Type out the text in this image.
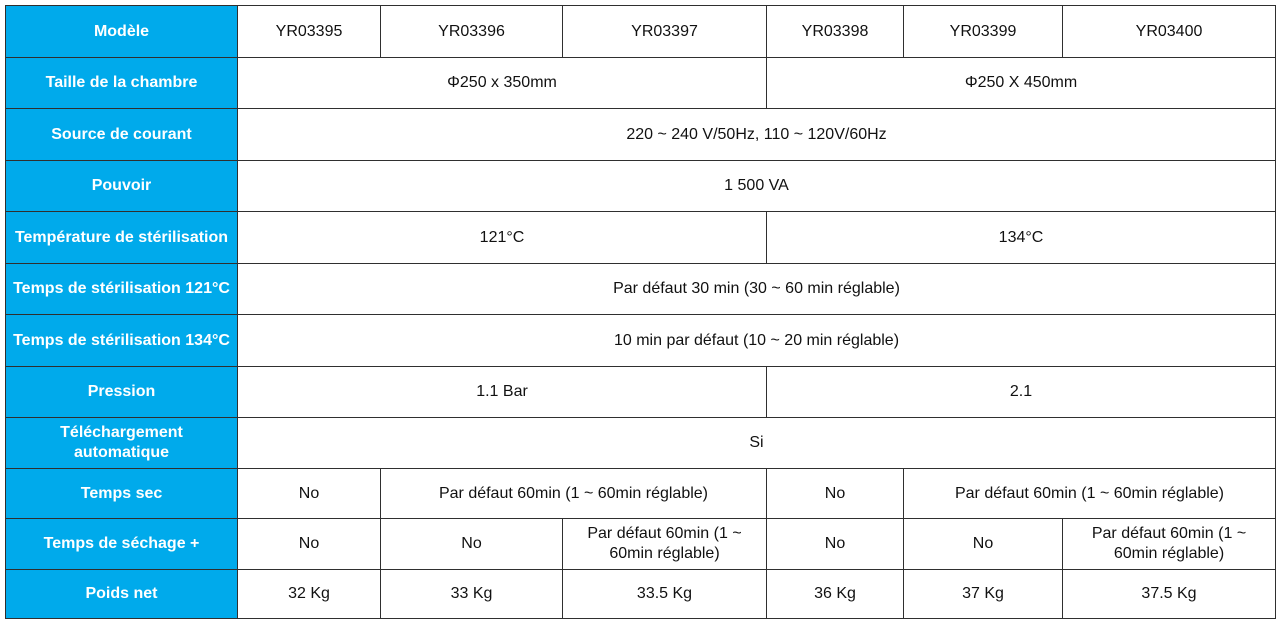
Modèle	YR03395	YR03396	YR03397	YR03398	YR03399	YR03400
Taille de la chambre	Φ250 x 350mm			Φ250 X 450mm		
Source de courant	220 ~ 240 V/50Hz, 110 ~ 120V/60Hz					
Pouvoir	1 500 VA					
Température de stérilisation	121°C			134°C		
Temps de stérilisation 121°C	Par défaut 30 min (30 ~ 60 min réglable)					
Temps de stérilisation 134°C	10 min par défaut (10 ~ 20 min réglable)					
Pression	1.1 Bar			2.1		
Téléchargement automatique	Si					
Temps sec	No	Par défaut 60min (1 ~ 60min réglable)		No	Par défaut 60min (1 ~ 60min réglable)	
Temps de séchage +	No	No	Par défaut 60min (1 ~ 60min réglable)	No	No	Par défaut 60min (1 ~ 60min réglable)
Poids net	32 Kg	33 Kg	33.5 Kg	36 Kg	37 Kg	37.5 Kg
